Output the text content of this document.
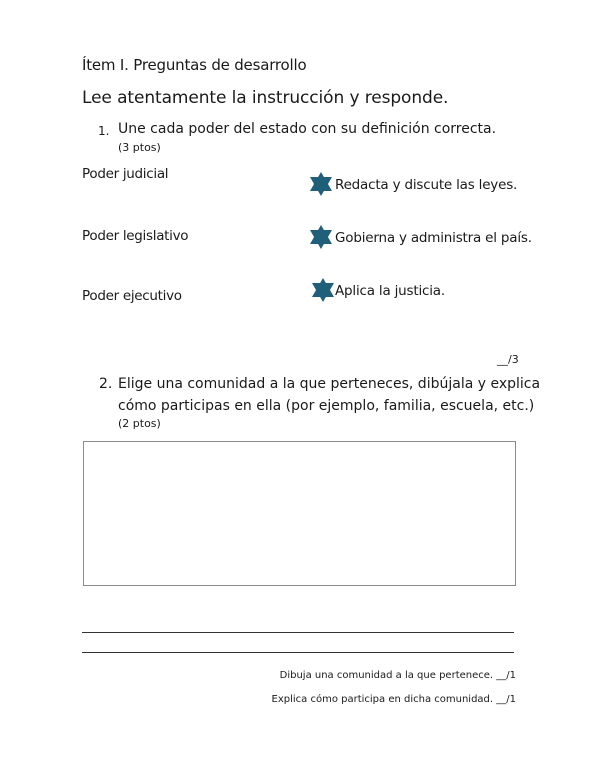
Ítem I. Preguntas de desarrollo
Lee atentamente la instrucción y responde.
1. Une cada poder del estado con su definición correcta.
(3 ptos)
Poder judicial
Poder legislativo
Poder ejecutivo
Redacta y discute las leyes.
Gobierna y administra el país.
Aplica la justicia.
__/3
2. Elige una comunidad a la que perteneces, dibújala y explica
cómo participas en ella (por ejemplo, familia, escuela, etc.)
(2 ptos)
Dibuja una comunidad a la que pertenece. __/1
Explica cómo participa en dicha comunidad. __/1
